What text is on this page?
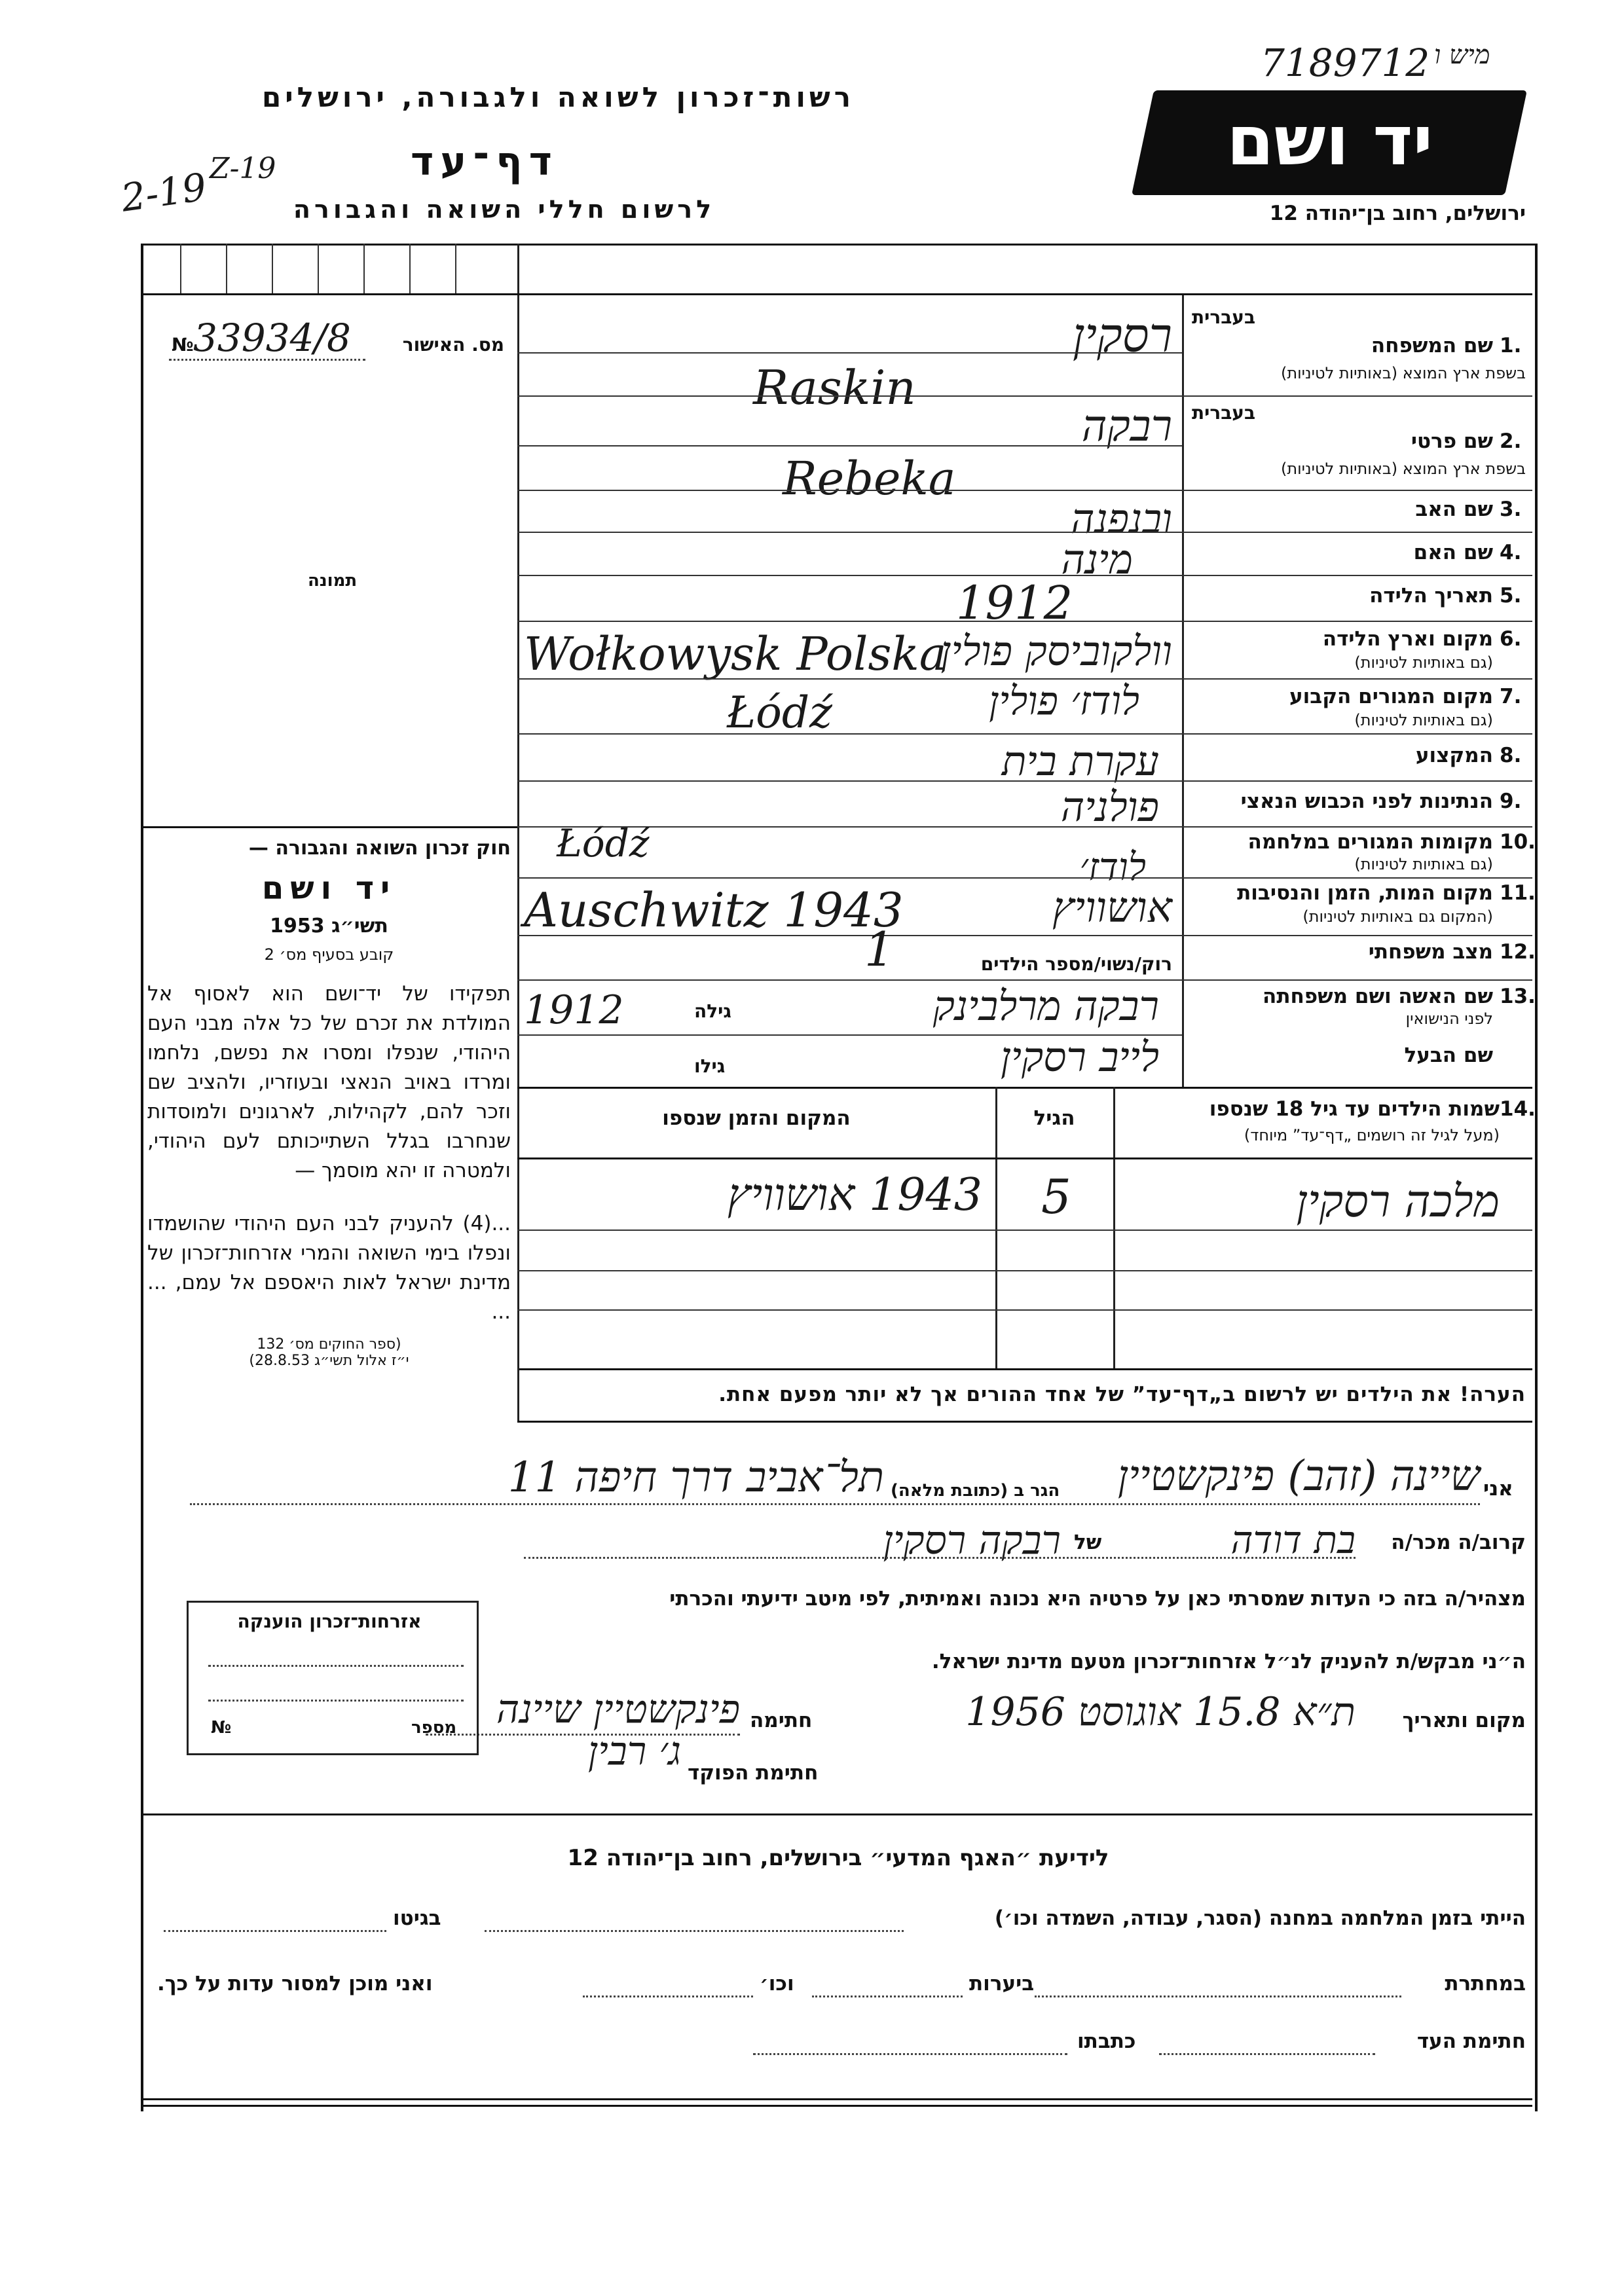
רשות־זכרון לשואה ולגבורה, ירושלים
דף־עד
לרשום חללי השואה והגבורה
2-19 Z-19	יד ושם
7189712 מיש ו
ירושלים, רחוב בן־יהודה 12
מס. האישור
№ 33934/8
תמונה
חוק זכרון השואה והגבורה —
יד ושם
תשי״ג 1953
קובע בסעיף מס׳ 2
תפקידו של יד־ושם הוא לאסוף אל המולדת את זכרם של כל אלה מבני העם היהודי, שנפלו ומסרו את נפשם, נלחמו ומרדו באויב הנאצי ובעוזריו, ולהציב שם וזכר להם, לקהילות, לארגונים ולמוסדות שנחרבו בגלל השתייכותם לעם היהודי, ולמטרה זו יהא מוסמך —
...(4) להעניק לבני העם היהודי שהושמדו ונפלו בימי השואה והמרי אזרחות־זכרון של מדינת ישראל לאות היאספם אל עמם, ... ...
(ספר החוקים מס׳ 132
י״ז אלול תשי״ג 28.8.53)
בעברית
1.
שם המשפחה
בשפת ארץ המוצא (באותיות לטיניות)
רסקין
Raskin	בעברית
2.
שם פרטי
בשפת ארץ המוצא (באותיות לטיניות)
רבקה
Rebeka
3.
שם האב
ובנפנה
4.
שם האם
מינה
5.
תאריך הלידה
1912
6.
מקום וארץ הלידה
(גם באותיות לטיניות)
Wołkowysk Polska
וולקוביסק פולין
7.
מקום המגורים הקבוע
(גם באותיות לטיניות)
לודז׳ פולין
Łódź
8.
המקצוע
עקרת בית
9.
הנתינות לפני הכבוש הנאצי
פולניה
10.
מקומות המגורים במלחמה
(גם באותיות לטיניות)
Łódź
לודז׳
11.
מקום המות, הזמן והנסיבות
(המקום גם באותיות לטיניות)
Auschwitz 1943	אושוויץ
12.
מצב משפחתי
רוק/נשוי/מספר הילדים
1
13.
שם האשה ושם משפחתה
לפני הנישואין
גילה
1912	רבקה מרלבינק
שם הבעל
גילו	לייב רסקין
14.
שמות הילדים עד גיל 18 שנספו
(מעל לגיל זה רושמים „דף־עד” מיוחד)
הגיל
המקום והזמן שנספו
מלכה רסקין
5
1943 אושוויץ
הערה! את הילדים יש לרשום ב„דף־עד” של אחד ההורים אך לא יותר מפעם אחת.
אני
שיינה (זהב) פינקשטיין
הגר ב (כתובת מלאה)
תל־אביב דרך חיפה 11
קרוב/ה מכר/ה
בת דודה
של
רבקה רסקין
מצהיר/ה בזה כי העדות שמסרתי כאן על פרטיה היא נכונה ואמיתית, לפי מיטב ידיעתי והכרתי
ה״ני מבקש/ת להעניק לנ״ל אזרחות־זכרון מטעם מדינת ישראל.
מקום ותאריך
ת״א 15.8 אוגוסט 1956
חתימה
פינקשטיין שיינה
חתימת הפוקד
ג׳ רבין
אזרחות־זכרון הוענקה
№	מספר
לידיעת ״האגף המדעי״ בירושלים, רחוב בן־יהודה 12
הייתי בזמן המלחמה במחנה (הסגר, עבודה, השמדה וכו׳)
בגיטו
במחתרת
ביערות
וכו׳
ואני מוכן למסור עדות על כך.
חתימת העד
כתבתו
